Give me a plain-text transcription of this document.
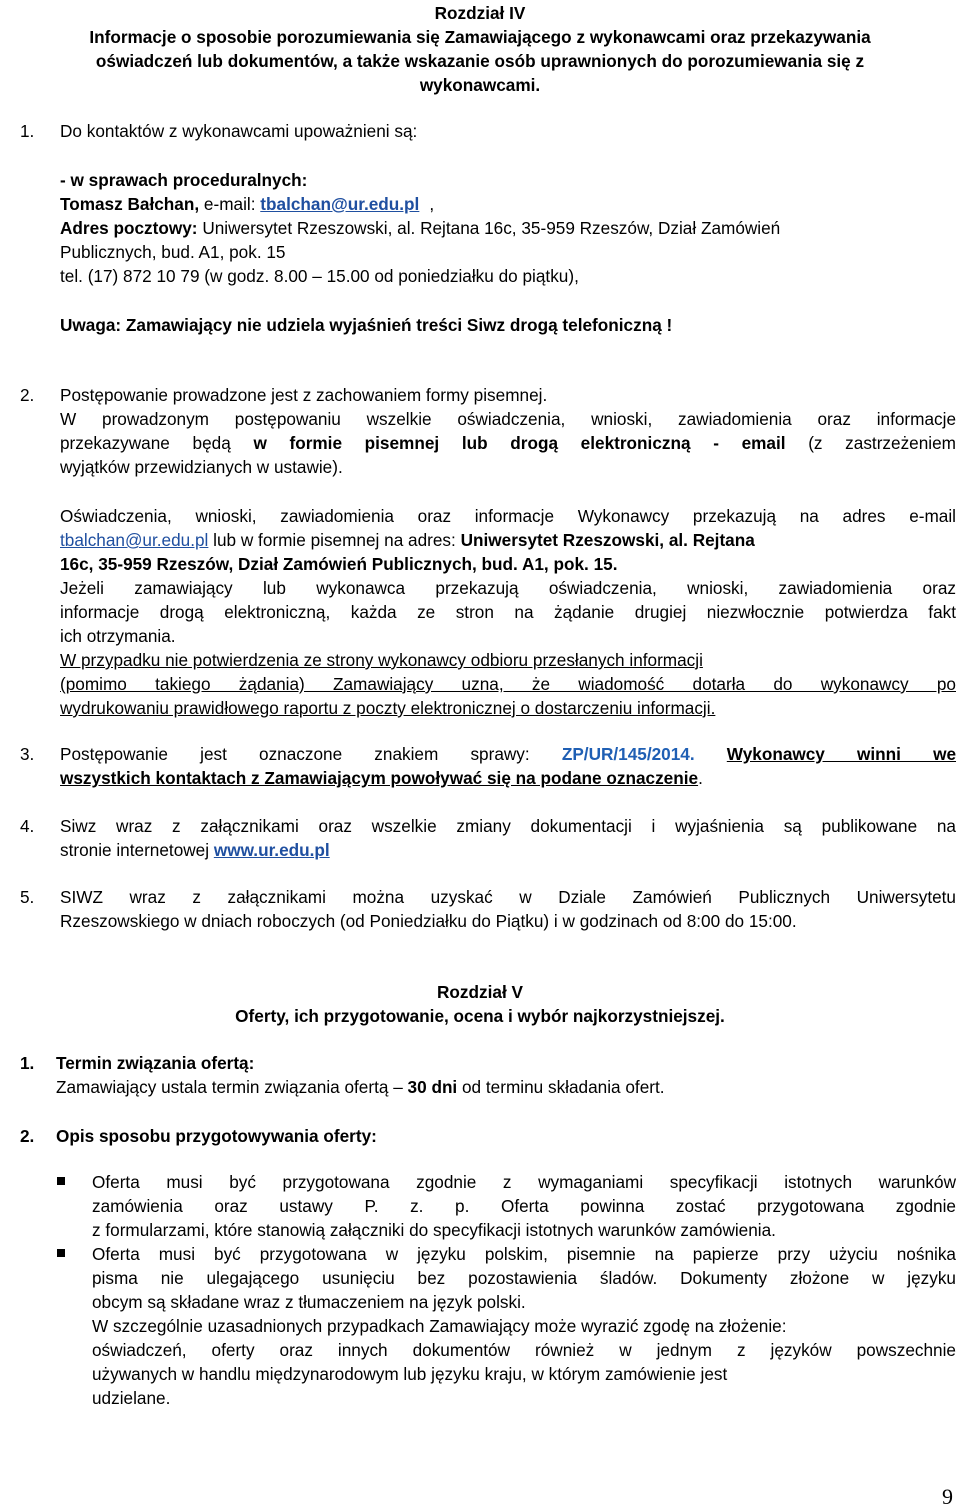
Rozdział IV
Informacje o sposobie porozumiewania się Zamawiającego z wykonawcami oraz przekazywania
oświadczeń lub dokumentów, a także wskazanie osób uprawnionych do porozumiewania się z
wykonawcami.
1. Do kontaktów z wykonawcami upoważnieni są:
- w sprawach proceduralnych:
Tomasz Bałchan, e-mail: tbalchan@ur.edu.pl ,
Adres pocztowy: Uniwersytet Rzeszowski, al. Rejtana 16c, 35-959 Rzeszów, Dział Zamówień
Publicznych, bud. A1, pok. 15
tel. (17) 872 10 79 (w godz. 8.00 – 15.00 od poniedziałku do piątku),
Uwaga: Zamawiający nie udziela wyjaśnień treści Siwz drogą telefoniczną !
2. Postępowanie prowadzone jest z zachowaniem formy pisemnej.
W prowadzonym postępowaniu wszelkie oświadczenia, wnioski, zawiadomienia oraz informacje
przekazywane będą w formie pisemnej lub drogą elektroniczną - email (z zastrzeżeniem
wyjątków przewidzianych w ustawie).
Oświadczenia, wnioski, zawiadomienia oraz informacje Wykonawcy przekazują na adres e-mail
tbalchan@ur.edu.pl lub w formie pisemnej na adres: Uniwersytet Rzeszowski, al. Rejtana
16c, 35-959 Rzeszów, Dział Zamówień Publicznych, bud. A1, pok. 15.
Jeżeli zamawiający lub wykonawca przekazują oświadczenia, wnioski, zawiadomienia oraz
informacje drogą elektroniczną, każda ze stron na żądanie drugiej niezwłocznie potwierdza fakt
ich otrzymania.
W przypadku nie potwierdzenia ze strony wykonawcy odbioru przesłanych informacji
(pomimo takiego żądania) Zamawiający uzna, że wiadomość dotarła do wykonawcy po
wydrukowaniu prawidłowego raportu z poczty elektronicznej o dostarczeniu informacji.
3. Postępowanie jest oznaczone znakiem sprawy: ZP/UR/145/2014. Wykonawcy winni we
wszystkich kontaktach z Zamawiającym powoływać się na podane oznaczenie.
4. Siwz wraz z załącznikami oraz wszelkie zmiany dokumentacji i wyjaśnienia są publikowane na
stronie internetowej www.ur.edu.pl
5. SIWZ wraz z załącznikami można uzyskać w Dziale Zamówień Publicznych Uniwersytetu
Rzeszowskiego w dniach roboczych (od Poniedziałku do Piątku) i w godzinach od 8:00 do 15:00.
Rozdział V
Oferty, ich przygotowanie, ocena i wybór najkorzystniejszej.
1. Termin związania ofertą:
Zamawiający ustala termin związania ofertą – 30 dni od terminu składania ofert.
2. Opis sposobu przygotowywania oferty:
Oferta musi być przygotowana zgodnie z wymaganiami specyfikacji istotnych warunków
zamówienia oraz ustawy P. z. p. Oferta powinna zostać przygotowana zgodnie
z formularzami, które stanowią załączniki do specyfikacji istotnych warunków zamówienia.
Oferta musi być przygotowana w języku polskim, pisemnie na papierze przy użyciu nośnika
pisma nie ulegającego usunięciu bez pozostawienia śladów. Dokumenty złożone w języku
obcym są składane wraz z tłumaczeniem na język polski.
W szczególnie uzasadnionych przypadkach Zamawiający może wyrazić zgodę na złożenie:
oświadczeń, oferty oraz innych dokumentów również w jednym z języków powszechnie
używanych w handlu międzynarodowym lub języku kraju, w którym zamówienie jest
udzielane.
9
